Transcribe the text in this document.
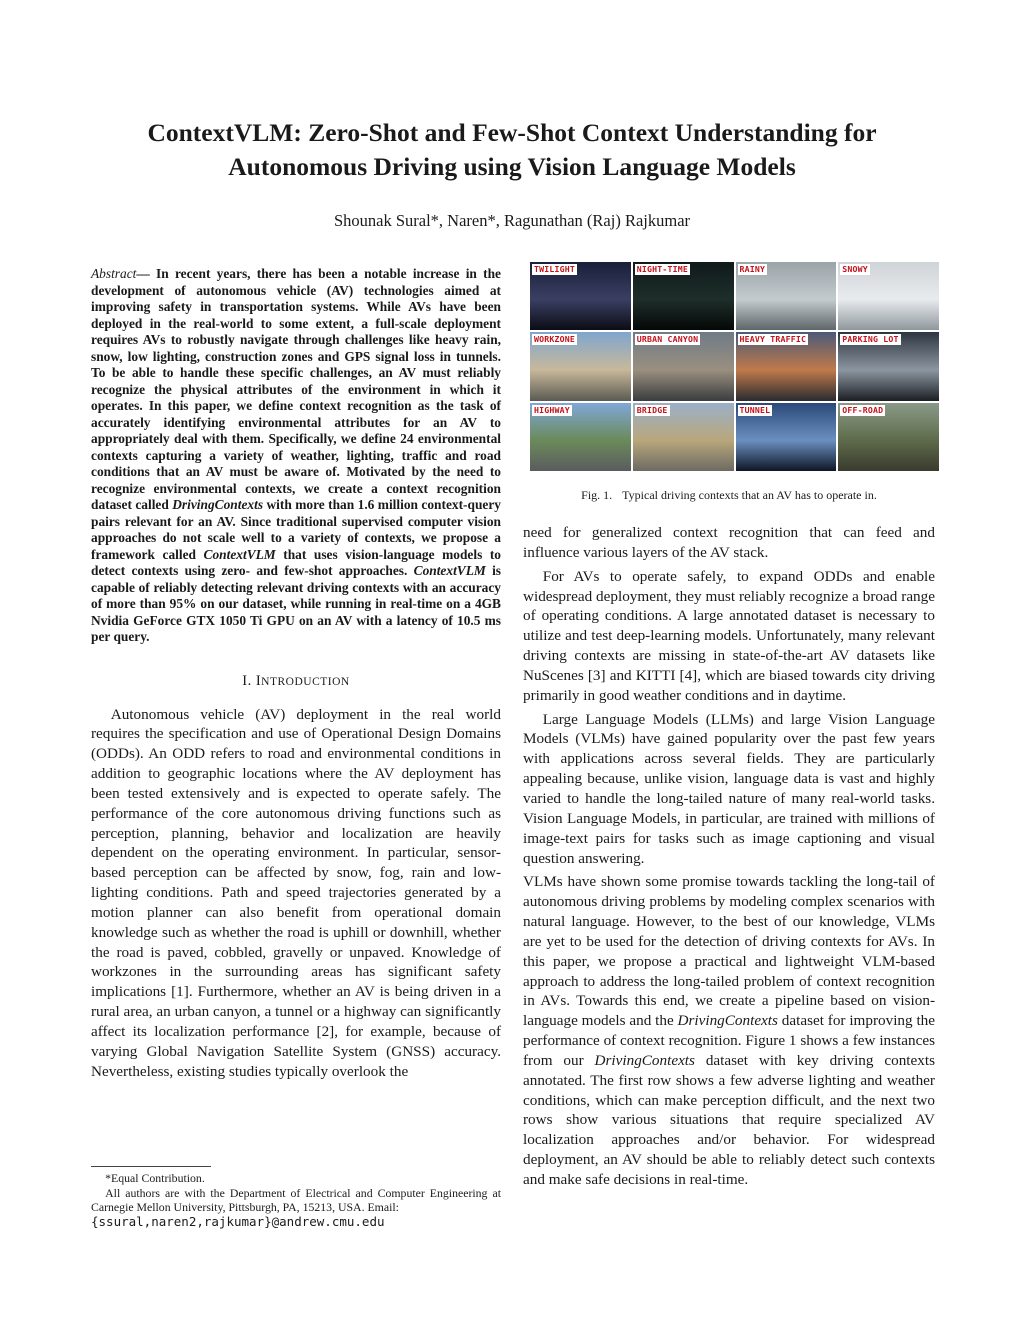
ContextVLM: Zero-Shot and Few-Shot Context Understanding for
Autonomous Driving using Vision Language Models
Shounak Sural*, Naren*, Ragunathan (Raj) Rajkumar

Abstract— In recent years, there has been a notable increase in the development of autonomous vehicle (AV) technologies aimed at improving safety in transportation systems. While AVs have been deployed in the real-world to some extent, a full-scale deployment requires AVs to robustly navigate through challenges like heavy rain, snow, low lighting, construction zones and GPS signal loss in tunnels. To be able to handle these specific challenges, an AV must reliably recognize the physical attributes of the environment in which it operates. In this paper, we define context recognition as the task of accurately identifying environmental attributes for an AV to appropriately deal with them. Specifically, we define 24 environmental contexts capturing a variety of weather, lighting, traffic and road conditions that an AV must be aware of. Motivated by the need to recognize environmental contexts, we create a context recognition dataset called DrivingContexts with more than 1.6 million context-query pairs relevant for an AV. Since traditional supervised computer vision approaches do not scale well to a variety of contexts, we propose a framework called ContextVLM that uses vision-language models to detect contexts using zero- and few-shot approaches. ContextVLM is capable of reliably detecting relevant driving contexts with an accuracy of more than 95% on our dataset, while running in real-time on a 4GB Nvidia GeForce GTX 1050 Ti GPU on an AV with a latency of 10.5 ms per query.

I. INTRODUCTION

Autonomous vehicle (AV) deployment in the real world requires the specification and use of Operational Design Domains (ODDs). An ODD refers to road and environmental conditions in addition to geographic locations where the AV deployment has been tested extensively and is expected to operate safely. The performance of the core autonomous driving functions such as perception, planning, behavior and localization are heavily dependent on the operating environment. In particular, sensor-based perception can be affected by snow, fog, rain and low-lighting conditions. Path and speed trajectories generated by a motion planner can also benefit from operational domain knowledge such as whether the road is uphill or downhill, whether the road is paved, cobbled, gravelly or unpaved. Knowledge of workzones in the surrounding areas has significant safety implications [1]. Furthermore, whether an AV is being driven in a rural area, an urban canyon, a tunnel or a highway can significantly affect its localization performance [2], for example, because of varying Global Navigation Satellite System (GNSS) accuracy. Nevertheless, existing studies typically overlook the

*Equal Contribution.

All authors are with the Department of Electrical and Computer Engineering at Carnegie Mellon University, Pittsburgh, PA, 15213, USA. Email:

{ssural,naren2,rajkumar}@andrew.cmu.edu

TWILIGHT	NIGHT-TIME	RAINY	SNOWY
WORKZONE	URBAN CANYON	HEAVY TRAFFIC	PARKING LOT
HIGHWAY	BRIDGE	TUNNEL	OFF-ROAD
Fig. 1. Typical driving contexts that an AV has to operate in.

need for generalized context recognition that can feed and influence various layers of the AV stack.

For AVs to operate safely, to expand ODDs and enable widespread deployment, they must reliably recognize a broad range of operating conditions. A large annotated dataset is necessary to utilize and test deep-learning models. Unfortunately, many relevant driving contexts are missing in state-of-the-art AV datasets like NuScenes [3] and KITTI [4], which are biased towards city driving primarily in good weather conditions and in daytime.

Large Language Models (LLMs) and large Vision Language Models (VLMs) have gained popularity over the past few years with applications across several fields. They are particularly appealing because, unlike vision, language data is vast and highly varied to handle the long-tailed nature of many real-world tasks. Vision Language Models, in particular, are trained with millions of image-text pairs for tasks such as image captioning and visual question answering.

VLMs have shown some promise towards tackling the long-tail of autonomous driving problems by modeling complex scenarios with natural language. However, to the best of our knowledge, VLMs are yet to be used for the detection of driving contexts for AVs. In this paper, we propose a practical and lightweight VLM-based approach to address the long-tailed problem of context recognition in AVs. Towards this end, we create a pipeline based on vision-language models and the DrivingContexts dataset for improving the performance of context recognition. Figure 1 shows a few instances from our DrivingContexts dataset with key driving contexts annotated. The first row shows a few adverse lighting and weather conditions, which can make perception difficult, and the next two rows show various situations that require specialized AV localization approaches and/or behavior. For widespread deployment, an AV should be able to reliably detect such contexts and make safe decisions in real-time.
